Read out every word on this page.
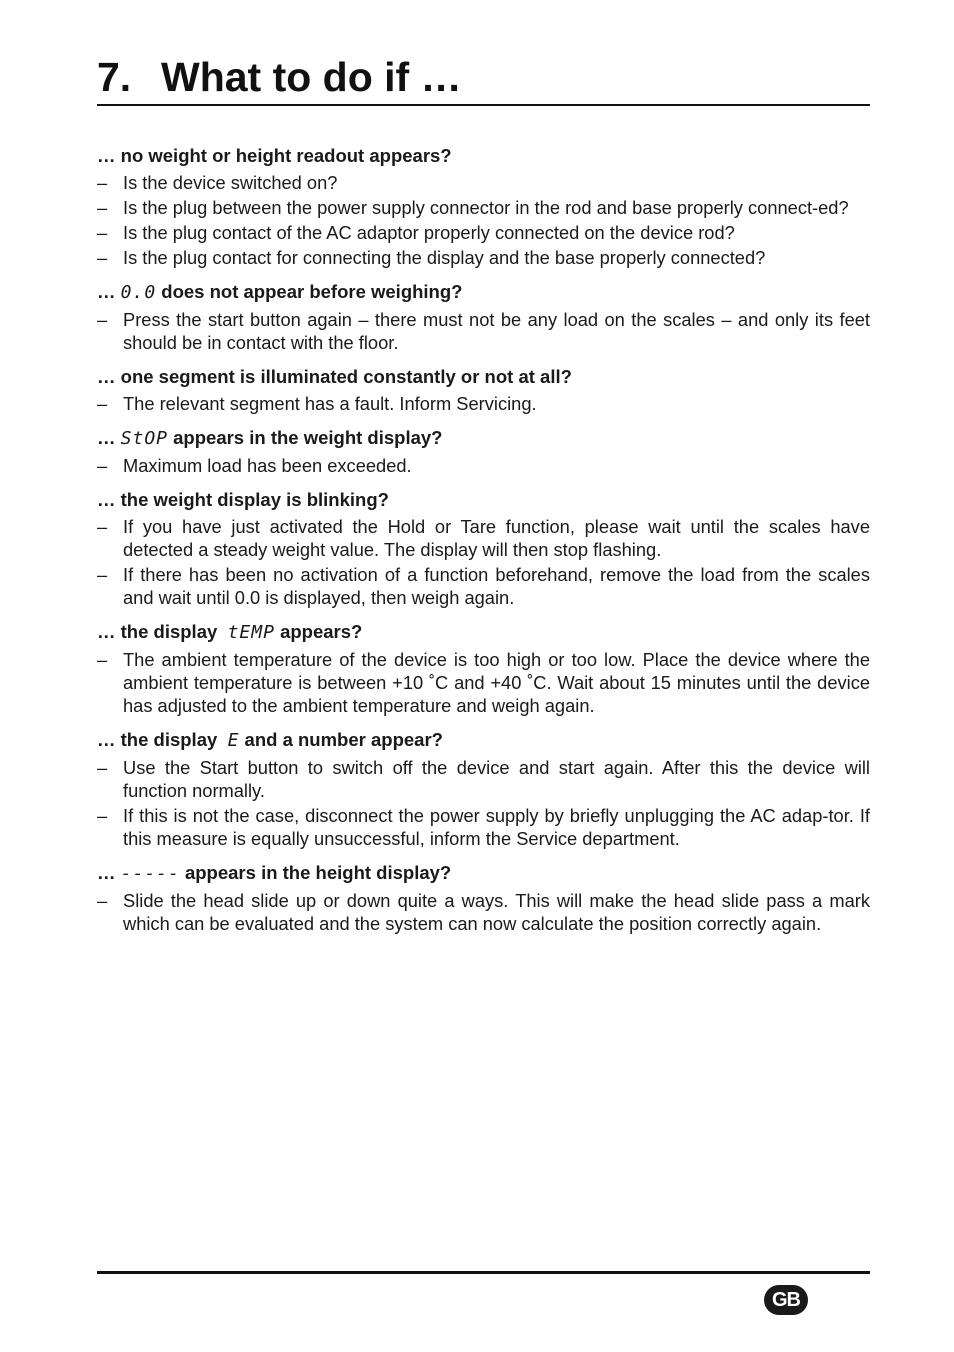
7. What to do if …
… no weight or height readout appears?
– Is the device switched on?
– Is the plug between the power supply connector in the rod and base properly connect-ed?
– Is the plug contact of the AC adaptor properly connected on the device rod?
– Is the plug contact for connecting the display and the base properly connected?
… 0.0 does not appear before weighing?
– Press the start button again – there must not be any load on the scales – and only its feet should be in contact with the floor.
… one segment is illuminated constantly or not at all?
– The relevant segment has a fault. Inform Servicing.
… StOP appears in the weight display?
– Maximum load has been exceeded.
… the weight display is blinking?
– If you have just activated the Hold or Tare function, please wait until the scales have detected a steady weight value. The display will then stop flashing.
– If there has been no activation of a function beforehand, remove the load from the scales and wait until 0.0 is displayed, then weigh again.
… the display tEMP appears?
– The ambient temperature of the device is too high or too low. Place the device where the ambient temperature is between +10 ˚C and +40 ˚C. Wait about 15 minutes until the device has adjusted to the ambient temperature and weigh again.
… the display E and a number appear?
– Use the Start button to switch off the device and start again. After this the device will function normally.
– If this is not the case, disconnect the power supply by briefly unplugging the AC adap-tor. If this measure is equally unsuccessful, inform the Service department.
… ----- appears in the height display?
– Slide the head slide up or down quite a ways. This will make the head slide pass a mark which can be evaluated and the system can now calculate the position correctly again.
GB
